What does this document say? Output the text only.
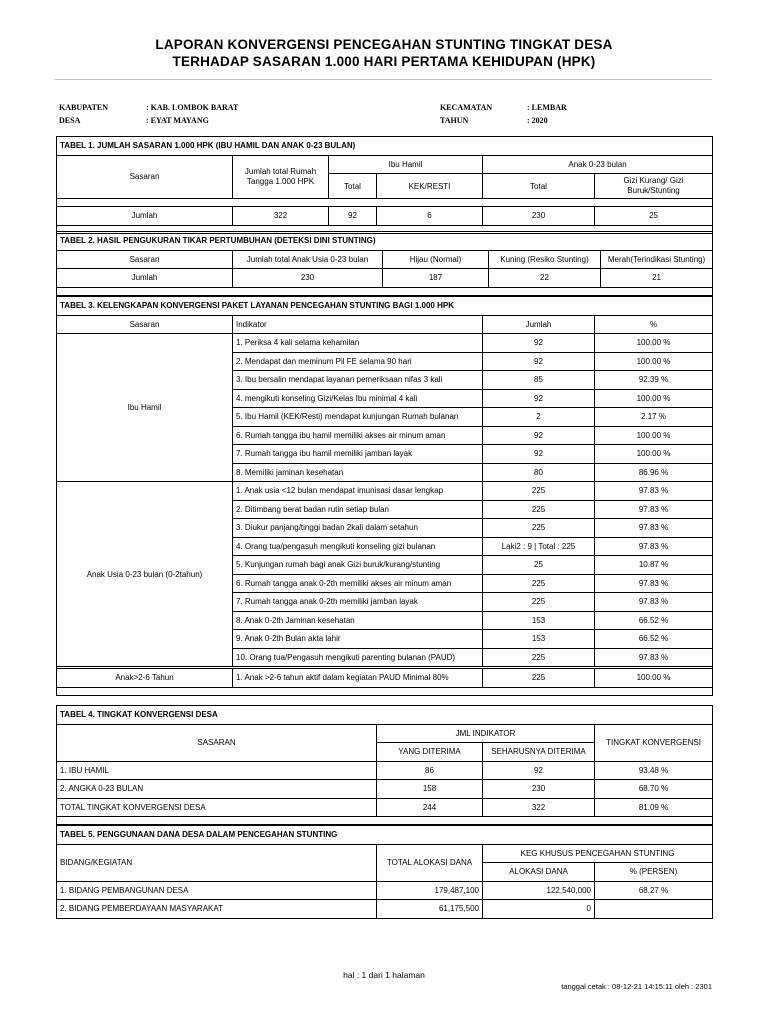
LAPORAN KONVERGENSI PENCEGAHAN STUNTING TINGKAT DESA
TERHADAP SASARAN 1.000 HARI PERTAMA KEHIDUPAN (HPK)
KABUPATEN	: KAB. LOMBOK BARAT
DESA	: EYAT MAYANG
KECAMATAN	: LEMBAR
TAHUN	: 2020
TABEL 1. JUMLAH SASARAN 1.000 HPK (IBU HAMIL DAN ANAK 0-23 BULAN)					
Sasaran	Jumlah total Rumah Tangga 1.000 HPK	Ibu Hamil		Anak 0-23 bulan	
		Total	KEK/RESTI	Total	Gizi Kurang/ Gizi Buruk/Stunting

Jumlah	322	92	6	230	25

TABEL 2. HASIL PENGUKURAN TIKAR PERTUMBUHAN (DETEKSI DINI STUNTING)				
Sasaran	Jumlah total Anak Usia 0-23 bulan	Hijau (Normal)	Kuning (Resiko Stunting)	Merah(Terindikasi Stunting)
Jumlah	230	187	22	21

TABEL 3. KELENGKAPAN KONVERGENSI PAKET LAYANAN PENCEGAHAN STUNTING BAGI 1.000 HPK			
Sasaran	Indikator	Jumlah	%
Ibu Hamil	1. Periksa 4 kali selama kehamilan	92	100.00 %
	2. Mendapat dan meminum Pil FE selama 90 hari	92	100.00 %
	3. Ibu bersalin mendapat layanan pemeriksaan nifas 3 kali	85	92.39 %
	4. mengikuti konseling Gizi/Kelas Ibu minimal 4 kali	92	100.00 %
	5. Ibu Hamil (KEK/Resti) mendapat kunjungan Rumah bulanan	2	2.17 %
	6. Rumah tangga ibu hamil memiliki akses air minum aman	92	100.00 %
	7. Rumah tangga ibu hamil memiliki jamban layak	92	100.00 %
	8. Memiliki jaminan kesehatan	80	86.96 %
Anak Usia 0-23 bulan (0-2tahun)	1. Anak usia <12 bulan mendapat imunisasi dasar lengkap	225	97.83 %
	2. Ditimbang berat badan rutin setiap bulan	225	97.83 %
	3. Diukur panjang/tinggi badan 2kali dalam setahun	225	97.83 %
	4. Orang tua/pengasuh mengikuti konseling gizi bulanan	Laki2 : 9 | Total : 225	97.83 %
	5. Kunjungan rumah bagi anak Gizi buruk/kurang/stunting	25	10.87 %
	6. Rumah tangga anak 0-2th memiliki akses air minum aman	225	97.83 %
	7. Rumah tangga anak 0-2th memiliki jamban layak	225	97.83 %
	8. Anak 0-2th Jaminan kesehatan	153	66.52 %
	9. Anak 0-2th Bulan akta lahir	153	66.52 %
	10. Orang tua/Pengasuh mengikuti parenting bulanan (PAUD)	225	97.83 %

Anak>2-6 Tahun	1. Anak >2-6 tahun aktif dalam kegiatan PAUD Minimal 80%	225	100.00 %

TABEL 4. TINGKAT KONVERGENSI DESA			
SASARAN	JML INDIKATOR		TINGKAT KONVERGENSI
	YANG DITERIMA	SEHARUSNYA DITERIMA	
1. IBU HAMIL	86	92	93.48 %
2. ANGKA 0-23 BULAN	158	230	68.70 %
TOTAL TINGKAT KONVERGENSI DESA	244	322	81.09 %

TABEL 5. PENGGUNAAN DANA DESA DALAM PENCEGAHAN STUNTING			
BIDANG/KEGIATAN	TOTAL ALOKASI DANA	KEG KHUSUS PENCEGAHAN STUNTING	
		ALOKASI DANA	% (PERSEN)
1. BIDANG PEMBANGUNAN DESA	179,487,100	122,540,000	68.27 %
2. BIDANG PEMBERDAYAAN MASYARAKAT	61,175,500	0	
hal : 1 dari 1 halaman
tanggal cetak : 08-12-21 14:15:11 oleh : 2301
